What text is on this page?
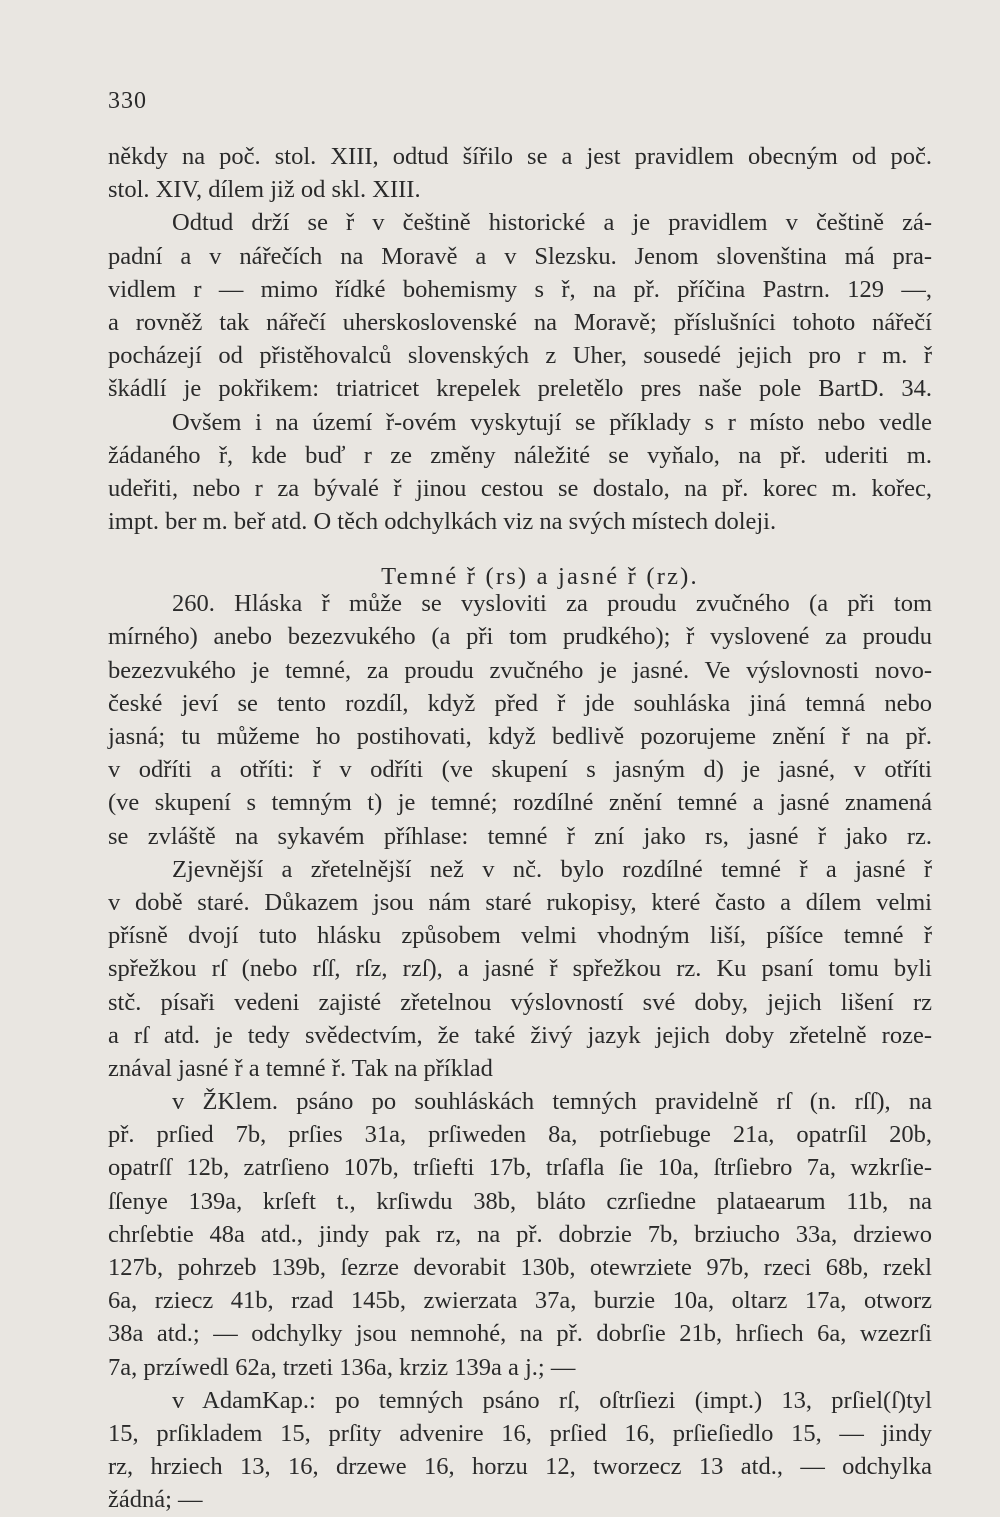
330
někdy na poč. stol. XIII, odtud šířilo se a jest pravidlem obecným od poč.
stol. XIV, dílem již od skl. XIII.
Odtud drží se ř v češtině historické a je pravidlem v češtině zá-
padní a v nářečích na Moravě a v Slezsku. Jenom slovenština má pra-
vidlem r — mimo řídké bohemismy s ř, na př. příčina Pastrn. 129 —,
a rovněž tak nářečí uherskoslovenské na Moravě; příslušníci tohoto nářečí
pocházejí od přistěhovalců slovenských z Uher, sousedé jejich pro r m. ř
škádlí je pokřikem: triatricet krepelek preletělo pres naše pole BartD. 34.
Ovšem i na území ř-ovém vyskytují se příklady s r místo nebo vedle
žádaného ř, kde buď r ze změny náležité se vyňalo, na př. uderiti m.
udeřiti, nebo r za bývalé ř jinou cestou se dostalo, na př. korec m. kořec,
impt. ber m. beř atd. O těch odchylkách viz na svých místech doleji.
Temné ř (rs) a jasné ř (rz).
260. Hláska ř může se vysloviti za proudu zvučného (a při tom
mírného) anebo bezezvukého (a při tom prudkého); ř vyslovené za proudu
bezezvukého je temné, za proudu zvučného je jasné. Ve výslovnosti novo-
české jeví se tento rozdíl, když před ř jde souhláska jiná temná nebo
jasná; tu můžeme ho postihovati, když bedlivě pozorujeme znění ř na př.
v odříti a otříti: ř v odříti (ve skupení s jasným d) je jasné, v otříti
(ve skupení s temným t) je temné; rozdílné znění temné a jasné znamená
se zvláště na sykavém příhlase: temné ř zní jako rs, jasné ř jako rz.
Zjevnější a zřetelnější než v nč. bylo rozdílné temné ř a jasné ř
v době staré. Důkazem jsou nám staré rukopisy, které často a dílem velmi
přísně dvojí tuto hlásku způsobem velmi vhodným liší, píšíce temné ř
spřežkou rſ (nebo rſſ, rſz, rzſ), a jasné ř spřežkou rz. Ku psaní tomu byli
stč. písaři vedeni zajisté zřetelnou výslovností své doby, jejich lišení rz
a rſ atd. je tedy svědectvím, že také živý jazyk jejich doby zřetelně roze-
znával jasné ř a temné ř. Tak na příklad
v ŽKlem. psáno po souhláskách temných pravidelně rſ (n. rſſ), na
př. prſied 7b, prſies 31a, prſiweden 8a, potrſiebuge 21a, opatrſil 20b,
opatrſſ 12b, zatrſieno 107b, trſiefti 17b, trſafla ſie 10a, ſtrſiebro 7a, wzkrſie-
ſſenye 139a, krſeft t., krſiwdu 38b, bláto czrſiedne plataearum 11b, na
chrſebtie 48a atd., jindy pak rz, na př. dobrzie 7b, brziucho 33a, drziewo
127b, pohrzeb 139b, ſezrze devorabit 130b, otewrziete 97b, rzeci 68b, rzekl
6a, rziecz 41b, rzad 145b, zwierzata 37a, burzie 10a, oltarz 17a, otworz
38a atd.; — odchylky jsou nemnohé, na př. dobrſie 21b, hrſiech 6a, wzezrſi
7a, przíwedl 62a, trzeti 136a, krziz 139a a j.; —
v AdamKap.: po temných psáno rſ, oſtrſiezi (impt.) 13, prſiel(ſ)tyl
15, prſikladem 15, prſity advenire 16, prſied 16, prſieſiedlo 15, — jindy
rz, hrziech 13, 16, drzewe 16, horzu 12, tworzecz 13 atd., — odchylka
žádná; —
